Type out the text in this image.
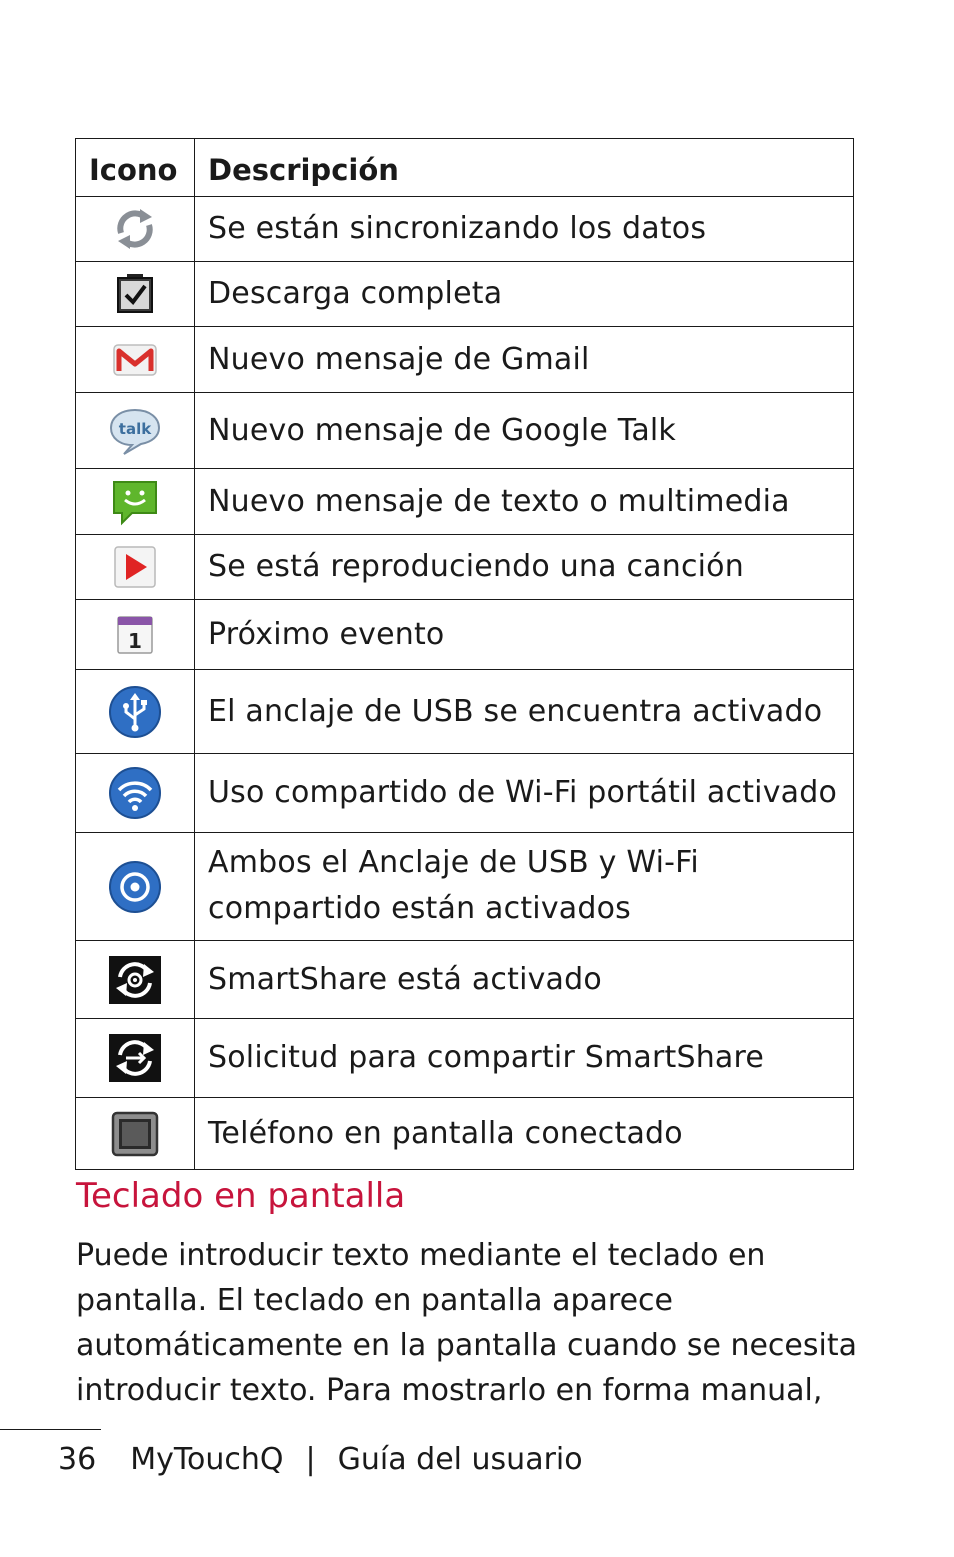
Icono	Descripción

	Se están sincronizando los datos

	Descarga completa

	Nuevo mensaje de Gmail

talk	Nuevo mensaje de Google Talk

	Nuevo mensaje de texto o multimedia

	Se está reproduciendo una canción

1	Próximo evento

	El anclaje de USB se encuentra activado

	Uso compartido de Wi-Fi portátil activado

	Ambos el Anclaje de USB y Wi-Fi compartido están activados

	SmartShare está activado

	Solicitud para compartir SmartShare

	Teléfono en pantalla conectado
Teclado en pantalla

Puede introducir texto mediante el teclado en pantalla. El teclado en pantalla aparece automáticamente en la pantalla cuando se necesita introducir texto. Para mostrarlo en forma manual,

36 MyTouchQ | Guía del usuario
